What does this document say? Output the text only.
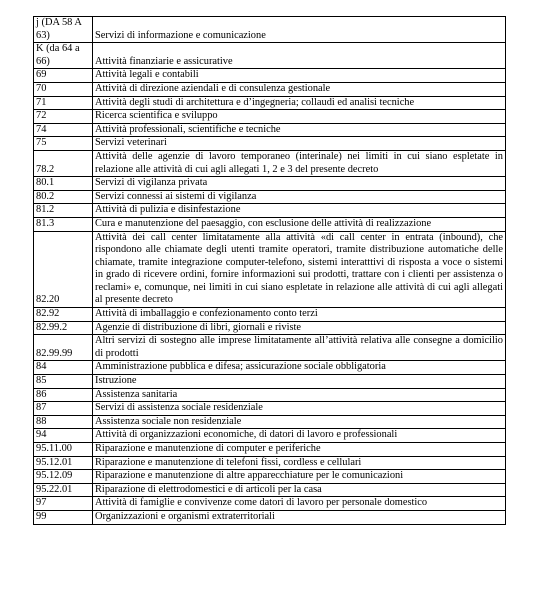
j (DA 58 A 63)	Servizi di informazione e comunicazione
K (da 64 a 66)	Attività finanziarie e assicurative
69	Attività legali e contabili
70	Attività di direzione aziendali e di consulenza gestionale
71	Attività degli studi di architettura e d’ingegneria; collaudi ed analisi tecniche
72	Ricerca scientifica e sviluppo
74	Attività professionali, scientifiche e tecniche
75	Servizi veterinari
78.2	Attività delle agenzie di lavoro temporaneo (interinale) nei limiti in cui siano espletate in relazione alle attività di cui agli allegati 1, 2 e 3 del presente decreto
80.1	Servizi di vigilanza privata
80.2	Servizi connessi ai sistemi di vigilanza
81.2	Attività di pulizia e disinfestazione
81.3	Cura e manutenzione del paesaggio, con esclusione delle attività di realizzazione
82.20	Attività dei call center limitatamente alla attività «di call center in entrata (inbound), che rispondono alle chiamate degli utenti tramite operatori, tramite distribuzione automatiche delle chiamate, tramite integrazione computer-telefono, sistemi interatttivi di risposta a voce o sistemi in grado di ricevere ordini, fornire informazioni sui prodotti, trattare con i clienti per assistenza o reclami» e, comunque, nei limiti in cui siano espletate in relazione alle attività di cui agli allegati al presente decreto
82.92	Attività di imballaggio e confezionamento conto terzi
82.99.2	Agenzie di distribuzione di libri, giornali e riviste
82.99.99	Altri servizi di sostegno alle imprese limitatamente all’attività relativa alle consegne a domicilio di prodotti
84	Amministrazione pubblica e difesa; assicurazione sociale obbligatoria
85	Istruzione
86	Assistenza sanitaria
87	Servizi di assistenza sociale residenziale
88	Assistenza sociale non residenziale
94	Attività di organizzazioni economiche, di datori di lavoro e professionali
95.11.00	Riparazione e manutenzione di computer e periferiche
95.12.01	Riparazione e manutenzione di telefoni fissi, cordless e cellulari
95.12.09	Riparazione e manutenzione di altre apparecchiature per le comunicazioni
95.22.01	Riparazione di elettrodomestici e di articoli per la casa
97	Attività di famiglie e convivenze come datori di lavoro per personale domestico
99	Organizzazioni e organismi extraterritoriali
